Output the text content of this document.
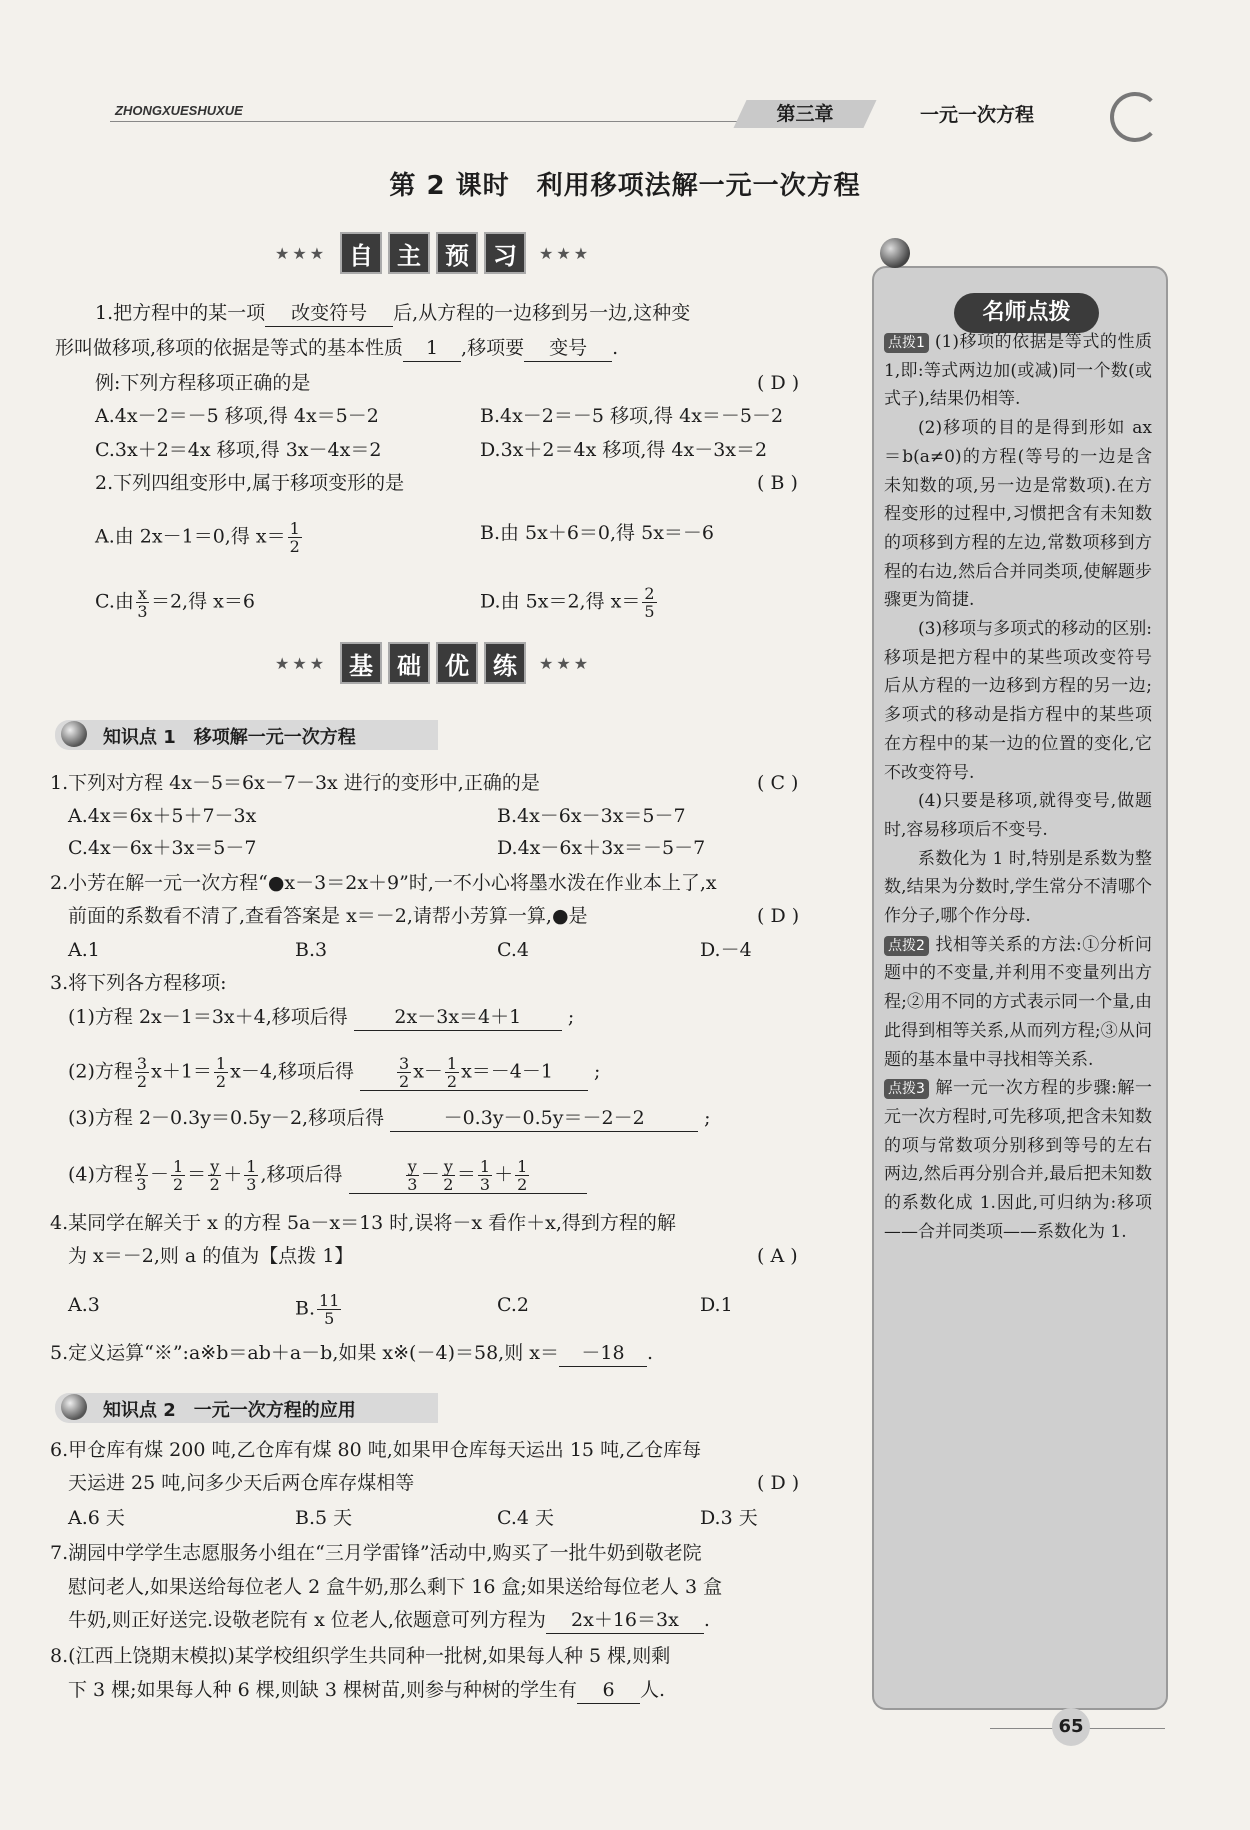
ZHONGXUESHUXUE	第三章	一元一次方程
第 2 课时　利用移项法解一元一次方程
★★★ 自	主	预	习	★★★
1.把方程中的某一项 改变符号 后,从方程的一边移到另一边,这种变
形叫做移项,移项的依据是等式的基本性质 1 ,移项要 变号 .
例:下列方程移项正确的是	( D )
A.4x－2＝－5 移项,得 4x＝5－2	B.4x－2＝－5 移项,得 4x＝－5－2
C.3x＋2＝4x 移项,得 3x－4x＝2	D.3x＋2＝4x 移项,得 4x－3x＝2
2.下列四组变形中,属于移项变形的是	( B )
A.由 2x－1＝0,得 $x= \frac{1}{2}$	B.由 5x＋6＝0,得 5x＝－6
C.由 $\frac{x}{3} =2$,得 x＝6	D.由 5x＝2,得 $x= \frac{2}{5}$
★★★ 基	础	优	练	★★★
知识点 1　移项解一元一次方程
1.下列对方程 4x－5＝6x－7－3x 进行的变形中,正确的是	( C )
A.4x＝6x＋5＋7－3x	B.4x－6x－3x＝5－7
C.4x－6x＋3x＝5－7	D.4x－6x＋3x＝－5－7
2.小芳在解一元一次方程“●x－3＝2x＋9”时,一不小心将墨水泼在作业本上了,x
前面的系数看不清了,查看答案是 x＝－2,请帮小芳算一算,●是	( D )
A.1	B.3	C.4	D.－4
3.将下列各方程移项:
(1)方程 2x－1＝3x＋4,移项后得 2x－3x＝4＋1 ;
(2)方程 $\frac{3}{2} x+1= \frac{1}{2} x-4$,移项后得	$\frac{3}{2} x- \frac{1}{2} x=-4-1$ ;
(3)方程 2－0.3y＝0.5y－2,移项后得	－0.3y－0.5y＝－2－2	;
(4)方程 $\frac{y}{3} - \frac{1}{2} = \frac{y}{2} + \frac{1}{3}$ ,移项后得	$\frac{y}{3} - \frac{y}{2} = \frac{1}{3} + \frac{1}{2}$
4.某同学在解关于 x 的方程 5a－x＝13 时,误将－x 看作＋x,得到方程的解
为 x＝－2,则 a 的值为【点拨 1】	( A )
A.3	B. $\frac{11}{5}$	C.2	D.1
5.定义运算“※”:a※b＝ab＋a－b,如果 x※(－4)＝58,则 x＝ －18 .
知识点 2　一元一次方程的应用
6.甲仓库有煤 200 吨,乙仓库有煤 80 吨,如果甲仓库每天运出 15 吨,乙仓库每
天运进 25 吨,问多少天后两仓库存煤相等	( D )
A.6 天	B.5 天	C.4 天	D.3 天
7.湖园中学学生志愿服务小组在“三月学雷锋”活动中,购买了一批牛奶到敬老院
慰问老人,如果送给每位老人 2 盒牛奶,那么剩下 16 盒;如果送给每位老人 3 盒
牛奶,则正好送完.设敬老院有 x 位老人,依题意可列方程为 2x＋16＝3x .
8.(江西上饶期末模拟)某学校组织学生共同种一批树,如果每人种 5 棵,则剩
下 3 棵;如果每人种 6 棵,则缺 3 棵树苗,则参与种树的学生有 6 人.
名师点拨

点拨1 (1)移项的依据是等式的性质 1,即:等式两边加(或减)同一个数(或式子),结果仍相等.

(2)移项的目的是得到形如 ax＝b(a≠0)的方程(等号的一边是含未知数的项,另一边是常数项).在方程变形的过程中,习惯把含有未知数的项移到方程的左边,常数项移到方程的右边,然后合并同类项,使解题步骤更为简捷.

(3)移项与多项式的移动的区别:移项是把方程中的某些项改变符号后从方程的一边移到方程的另一边;多项式的移动是指方程中的某些项在方程中的某一边的位置的变化,它不改变符号.

(4)只要是移项,就得变号,做题时,容易移项后不变号.

系数化为 1 时,特别是系数为整数,结果为分数时,学生常分不清哪个作分子,哪个作分母.

点拨2 找相等关系的方法:①分析问题中的不变量,并利用不变量列出方程;②用不同的方式表示同一个量,由此得到相等关系,从而列方程;③从问题的基本量中寻找相等关系.

点拨3 解一元一次方程的步骤:解一元一次方程时,可先移项,把含未知数的项与常数项分别移到等号的左右两边,然后再分别合并,最后把未知数的系数化成 1.因此,可归纳为:移项——合并同类项——系数化为 1.

65
